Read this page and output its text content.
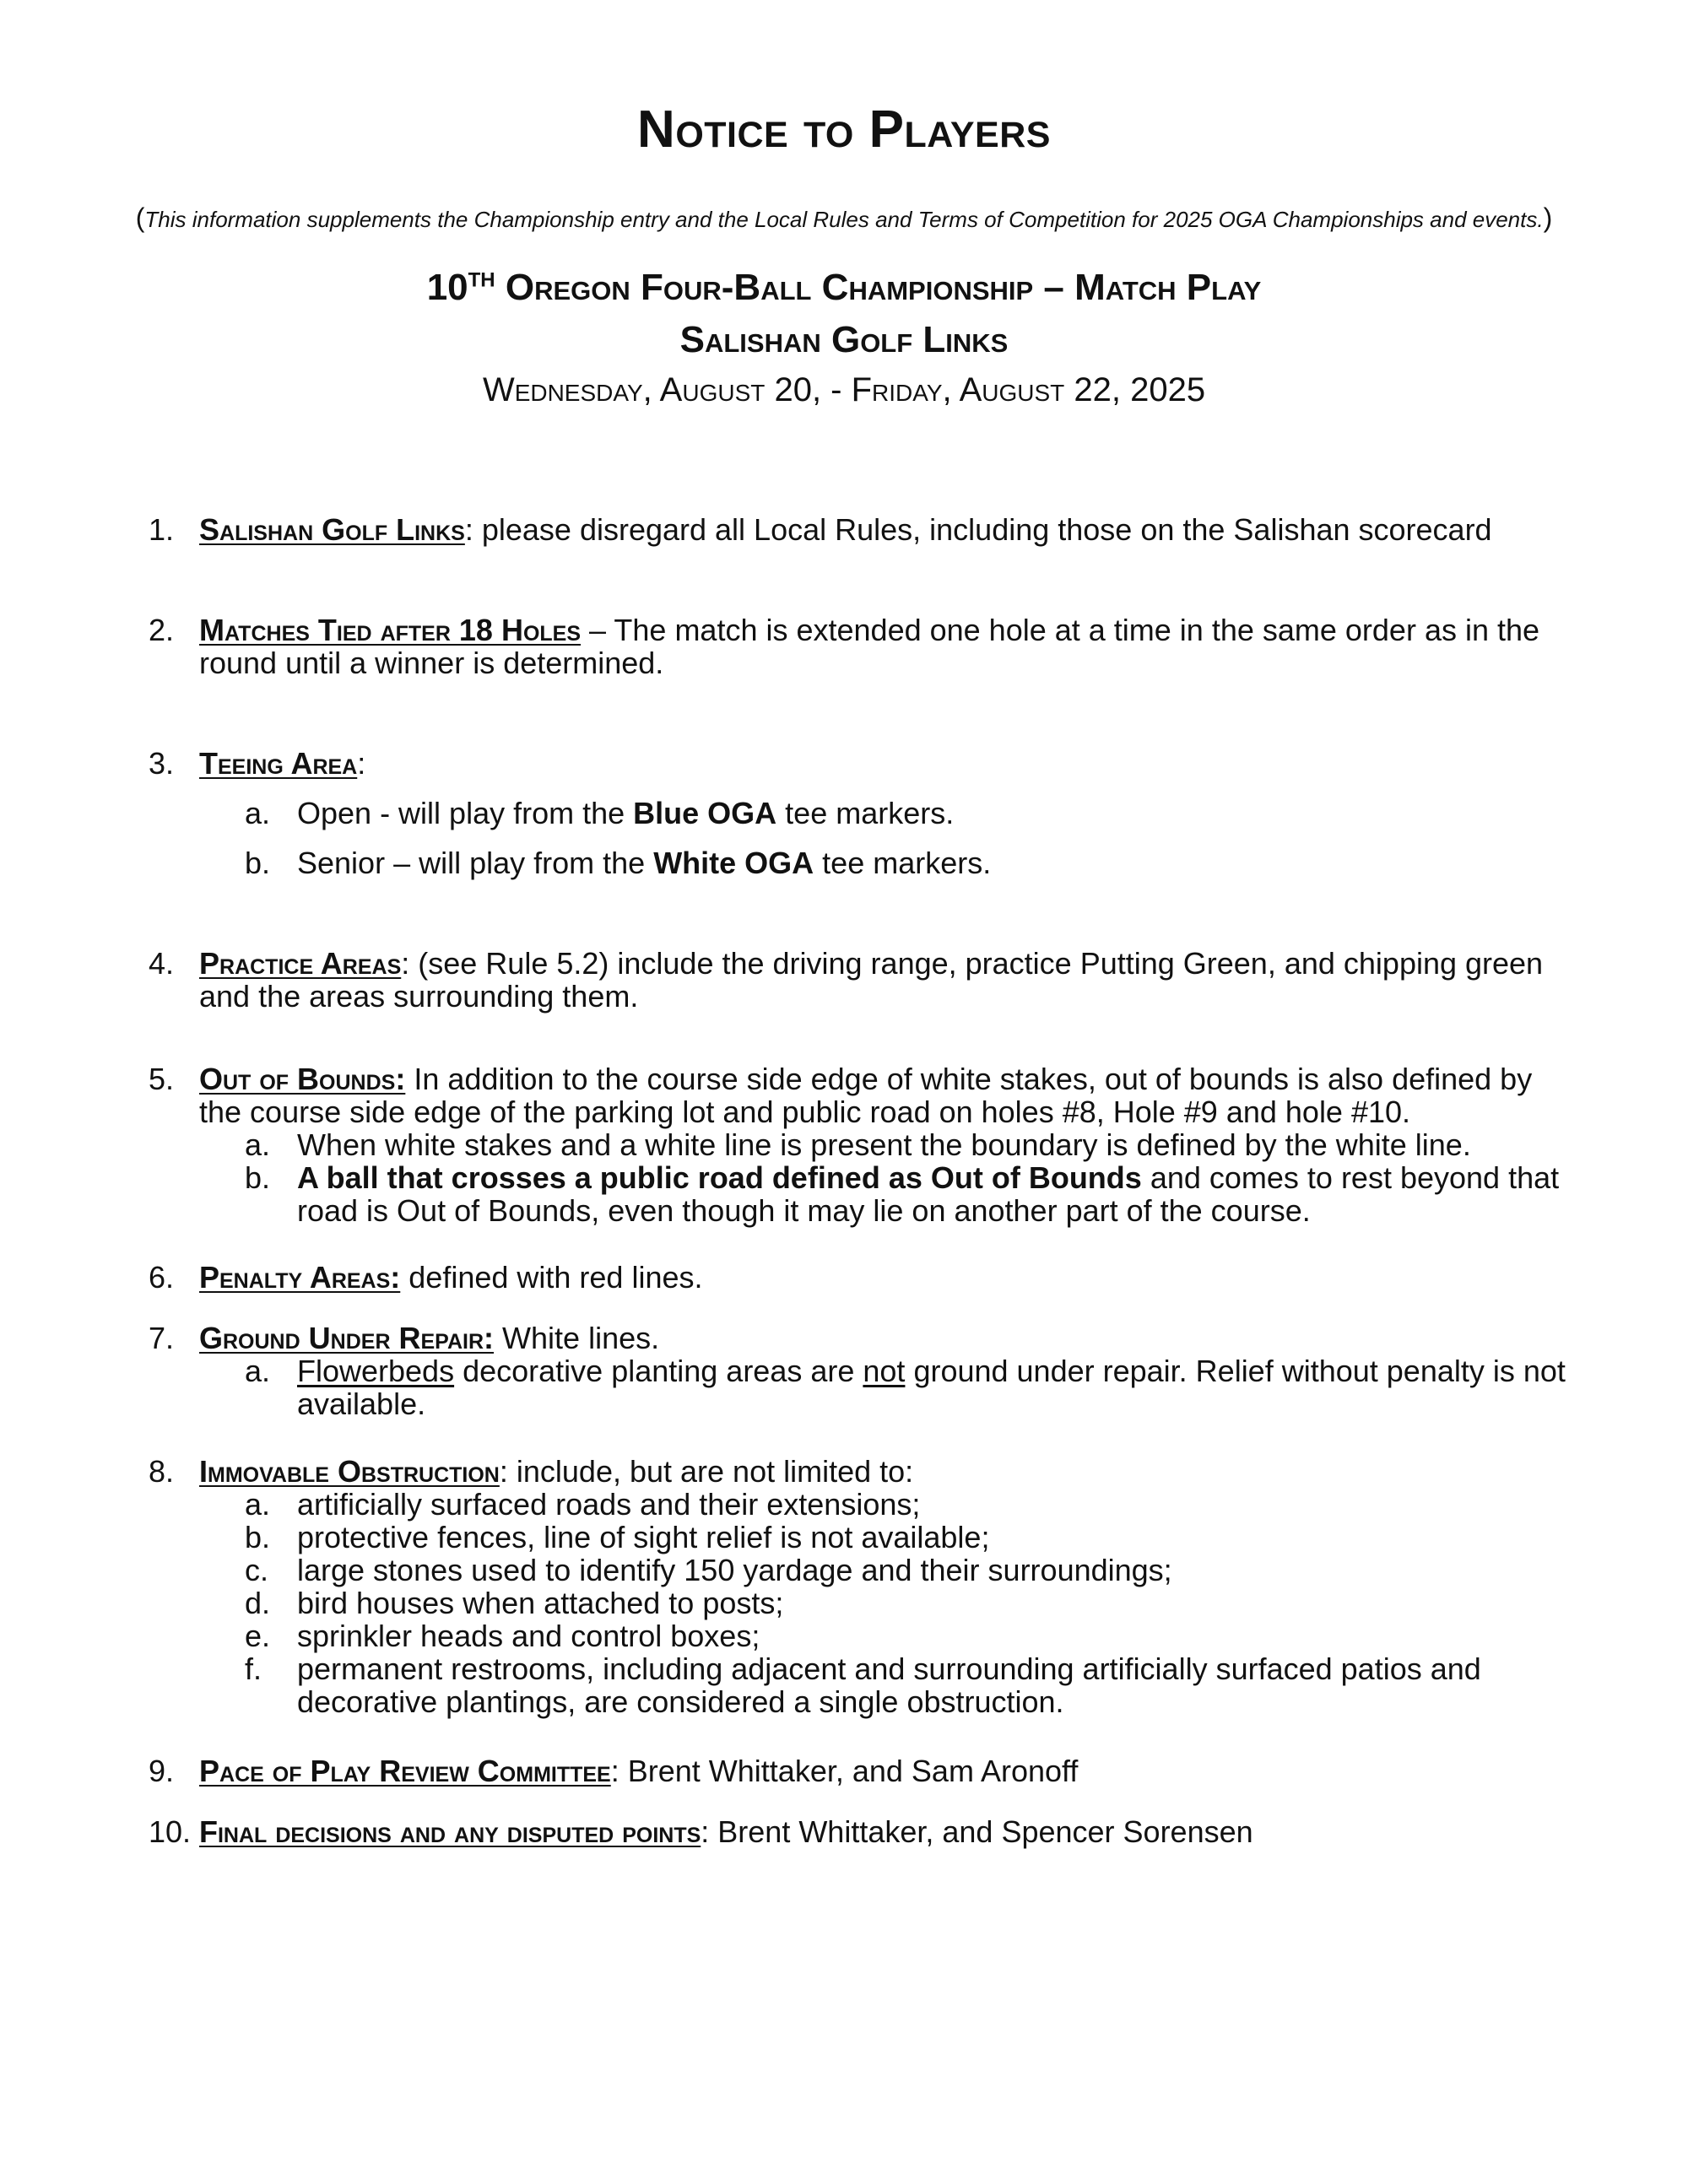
Notice to Players
(This information supplements the Championship entry and the Local Rules and Terms of Competition for 2025 OGA Championships and events.)
10TH Oregon Four-Ball Championship – Match Play
Salishan Golf Links
Wednesday, August 20, - Friday, August 22, 2025
1. Salishan Golf Links: please disregard all Local Rules, including those on the Salishan scorecard
2. Matches Tied after 18 Holes – The match is extended one hole at a time in the same order as in the round until a winner is determined.
3. Teeing Area:
a. Open - will play from the Blue OGA tee markers.
b. Senior – will play from the White OGA tee markers.
4. Practice Areas: (see Rule 5.2) include the driving range, practice Putting Green, and chipping green and the areas surrounding them.
5. Out of Bounds: In addition to the course side edge of white stakes, out of bounds is also defined by the course side edge of the parking lot and public road on holes #8, Hole #9 and hole #10.
a. When white stakes and a white line is present the boundary is defined by the white line.
b. A ball that crosses a public road defined as Out of Bounds and comes to rest beyond that road is Out of Bounds, even though it may lie on another part of the course.
6. Penalty Areas: defined with red lines.
7. Ground Under Repair: White lines.
a. Flowerbeds decorative planting areas are not ground under repair. Relief without penalty is not available.
8. Immovable Obstruction: include, but are not limited to:
a. artificially surfaced roads and their extensions;
b. protective fences, line of sight relief is not available;
c. large stones used to identify 150 yardage and their surroundings;
d. bird houses when attached to posts;
e. sprinkler heads and control boxes;
f. permanent restrooms, including adjacent and surrounding artificially surfaced patios and decorative plantings, are considered a single obstruction.
9. Pace of Play Review Committee: Brent Whittaker, and Sam Aronoff
10. Final decisions and any disputed points: Brent Whittaker, and Spencer Sorensen
